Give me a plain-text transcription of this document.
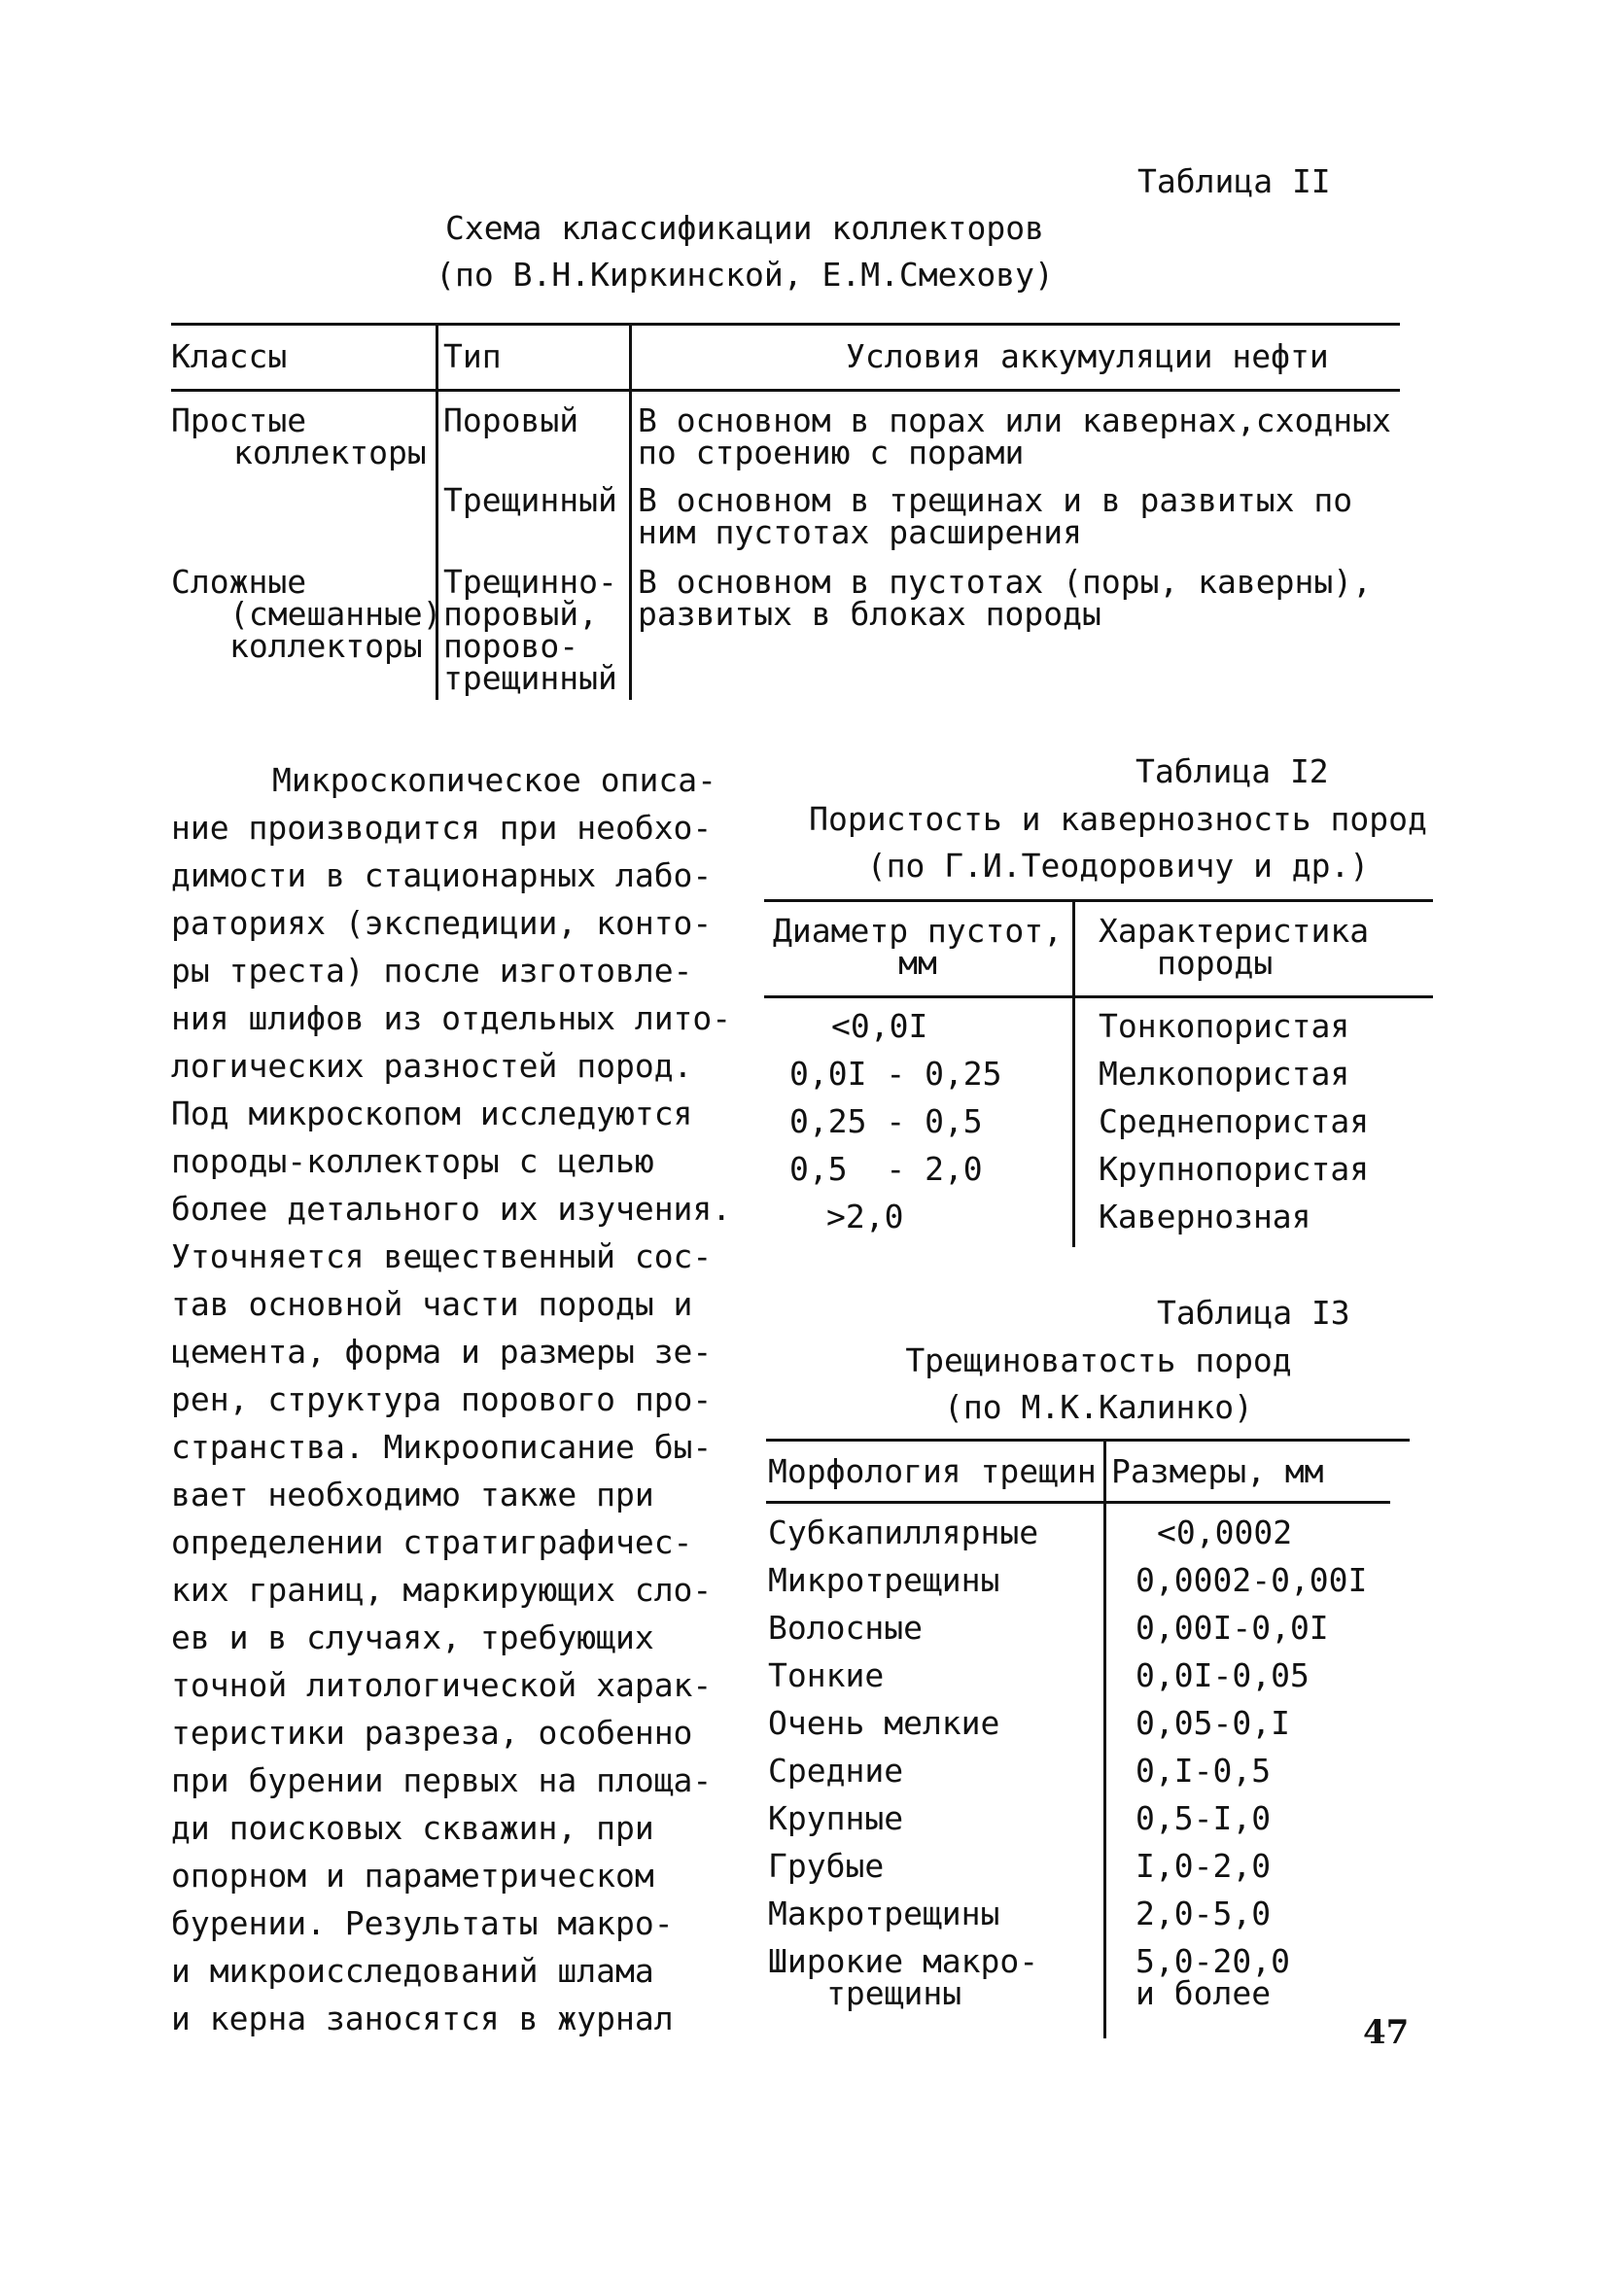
Таблица II
Схема классификации коллекторов
(по В.Н.Киркинской, Е.М.Смехову)
Классы	Тип	Условия аккумуляции нефти
Простые
коллекторы
Поровый В основном в порах или кавернах,сходных
по строению с порами
Трещинный В основном в трещинах и в развитых по
ним пустотах расширения
Сложные
(смешанные)
коллекторы
Трещинно-
поровый,
порово-
трещинный
В основном в пустотах (поры, каверны),
развитых в блоках породы
Микроскопическое описа-
ние производится при необхо-
димости в стационарных лабо-
раториях (экспедиции, конто-
ры треста) после изготовле-
ния шлифов из отдельных лито-
логических разностей пород.
Под микроскопом исследуются
породы-коллекторы с целью
более детального их изучения.
Уточняется вещественный сос-
тав основной части породы и
цемента, форма и размеры зе-
рен, структура порового про-
странства. Микроописание бы-
вает необходимо также при
определении стратиграфичес-
ких границ, маркирующих сло-
ев и в случаях, требующих
точной литологической харак-
теристики разреза, особенно
при бурении первых на площа-
ди поисковых скважин, при
опорном и параметрическом
бурении. Результаты макро-
и микроисследований шлама
и керна заносятся в журнал
Таблица I2
Пористость и кавернозность пород
(по Г.И.Теодоровичу и др.)
Диаметр пустот,
мм
Характеристика
породы
<0,0I
0,0I - 0,25
0,25 - 0,5
0,5  - 2,0
>2,0
Тонкопористая
Мелкопористая
Среднепористая
Крупнопористая
Кавернозная
Таблица I3
Трещиноватость пород
(по М.К.Калинко)
Морфология трещин Размеры, мм
Субкапиллярные
Микротрещины
Волосные
Тонкие
Очень мелкие
Средние
Крупные
Грубые
Макротрещины
Широкие макро-
трещины
<0,0002
0,0002-0,00I
0,00I-0,0I
0,0I-0,05
0,05-0,I
0,I-0,5
0,5-I,0
I,0-2,0
2,0-5,0
5,0-20,0
и более
47
